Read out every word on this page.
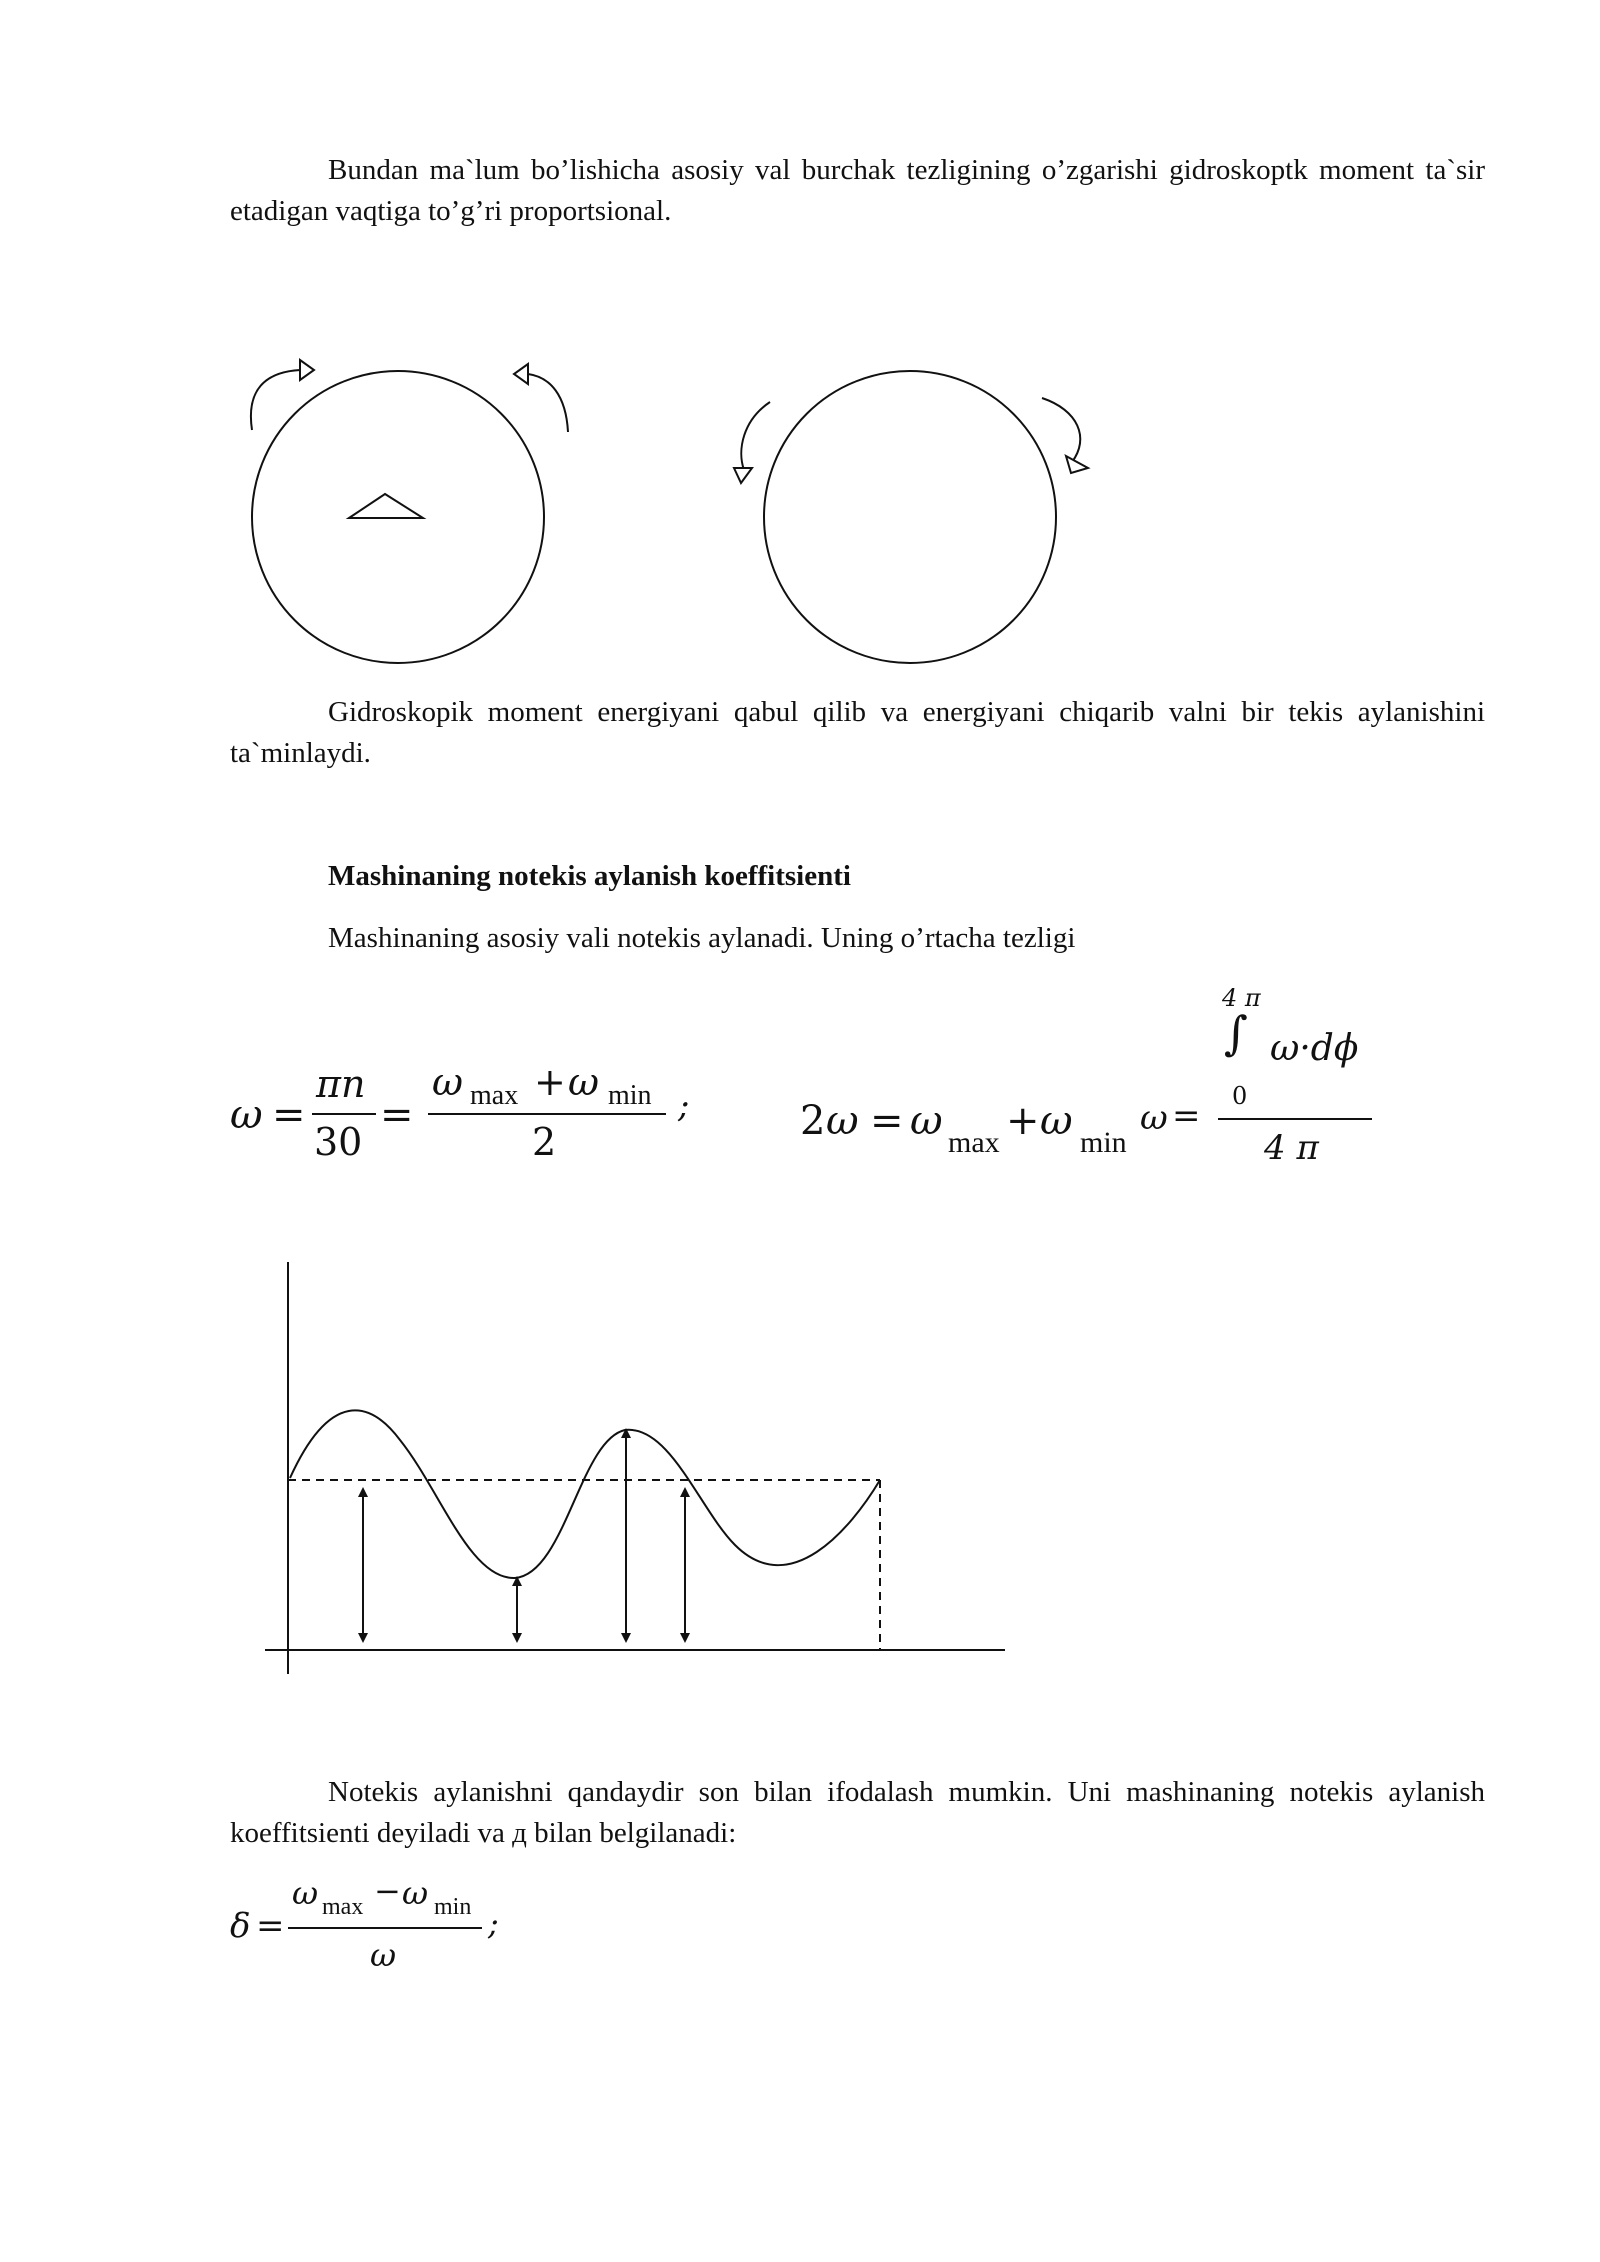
Bundan ma`lum bo’lishicha asosiy val burchak tezligining o’zgarishi gidroskoptk moment ta`sir etadigan vaqtiga to’g’ri proportsional.
Gidroskopik moment energiyani qabul qilib va energiyani chiqarib valni bir tekis aylanishini ta`minlaydi.
Mashinaning notekis aylanish koeffitsienti
Mashinaning asosiy vali notekis aylanadi. Uning o’rtacha tezligi
ω =
πn
30
=
ω max + ω min
2
;	2 ω = ω max + ω min
ω =
4 π
∫
0
ω·dϕ
4 π
Notekis aylanishni qandaydir son bilan ifodalash mumkin. Uni mashinaning notekis aylanish koeffitsienti deyiladi va д bilan belgilanadi:
δ =
ω max − ω min
ω
;
